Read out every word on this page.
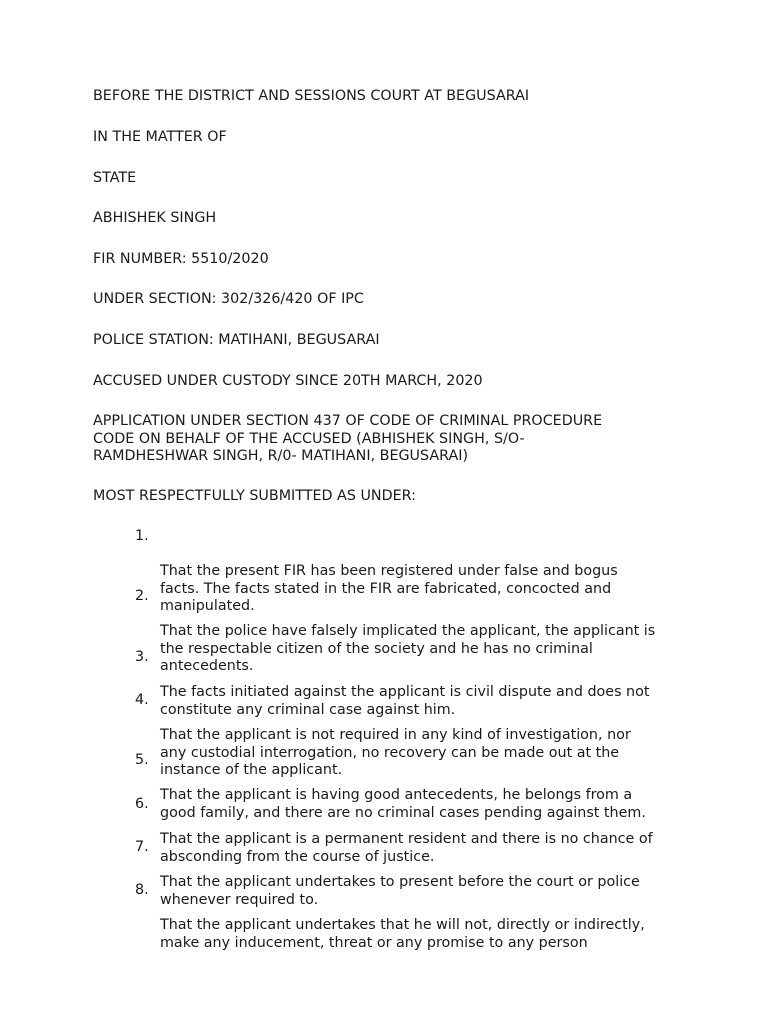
BEFORE THE DISTRICT AND SESSIONS COURT AT BEGUSARAI

IN THE MATTER OF

STATE

ABHISHEK SINGH

FIR NUMBER: 5510/2020

UNDER SECTION: 302/326/420 OF IPC

POLICE STATION: MATIHANI, BEGUSARAI

ACCUSED UNDER CUSTODY SINCE 20TH MARCH, 2020

APPLICATION UNDER SECTION 437 OF CODE OF CRIMINAL PROCEDURE
CODE ON BEHALF OF THE ACCUSED (ABHISHEK SINGH, S/O-
RAMDHESHWAR SINGH, R/0- MATIHANI, BEGUSARAI)

MOST RESPECTFULLY SUBMITTED AS UNDER:

1.

That the present FIR has been registered under false and bogus
facts. The facts stated in the FIR are fabricated, concocted and
manipulated.

2.

That the police have falsely implicated the applicant, the applicant is
the respectable citizen of the society and he has no criminal
antecedents.

3.

The facts initiated against the applicant is civil dispute and does not
constitute any criminal case against him.

4.

That the applicant is not required in any kind of investigation, nor
any custodial interrogation, no recovery can be made out at the
instance of the applicant.

5.

That the applicant is having good antecedents, he belongs from a
good family, and there are no criminal cases pending against them.

6.

That the applicant is a permanent resident and there is no chance of
absconding from the course of justice.

7.

That the applicant undertakes to present before the court or police
whenever required to.

8.

That the applicant undertakes that he will not, directly or indirectly,
make any inducement, threat or any promise to any person
